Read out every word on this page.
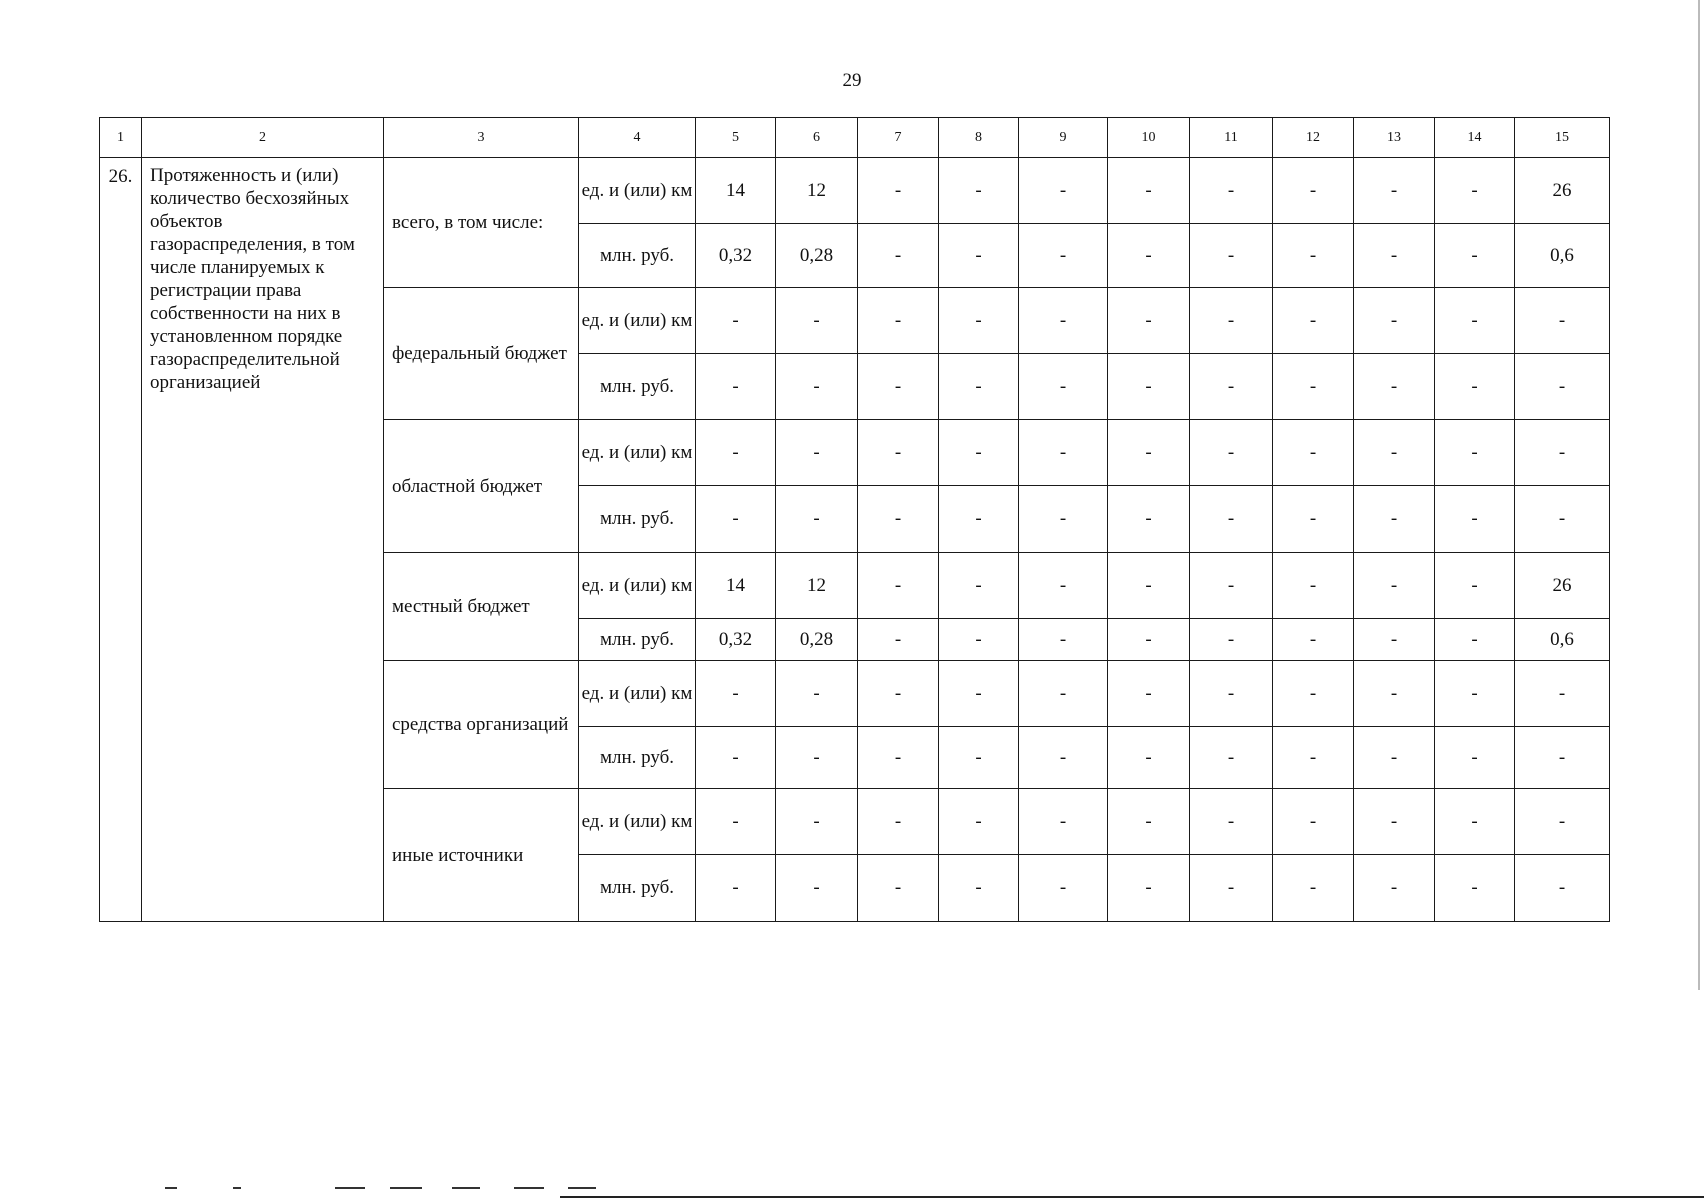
29
1	2	3	4	5	6	7	8	9	10	11	12	13	14	15
26.	Протяженность и (или) количество бесхозяйных объектов газораспределения, в том числе планируемых к регистрации права собственности на них в установленном порядке газораспределительной организацией	всего, в том числе:	ед. и (или) км	14	12	-	-	-	-	-	-	-	-	26
			млн. руб.	0,32	0,28	-	-	-	-	-	-	-	-	0,6
		федеральный бюджет	ед. и (или) км	-	-	-	-	-	-	-	-	-	-	-
			млн. руб.	-	-	-	-	-	-	-	-	-	-	-
		областной бюджет	ед. и (или) км	-	-	-	-	-	-	-	-	-	-	-
			млн. руб.	-	-	-	-	-	-	-	-	-	-	-
		местный бюджет	ед. и (или) км	14	12	-	-	-	-	-	-	-	-	26
			млн. руб.	0,32	0,28	-	-	-	-	-	-	-	-	0,6
		средства организаций	ед. и (или) км	-	-	-	-	-	-	-	-	-	-	-
			млн. руб.	-	-	-	-	-	-	-	-	-	-	-
		иные источники	ед. и (или) км	-	-	-	-	-	-	-	-	-	-	-
			млн. руб.	-	-	-	-	-	-	-	-	-	-	-
